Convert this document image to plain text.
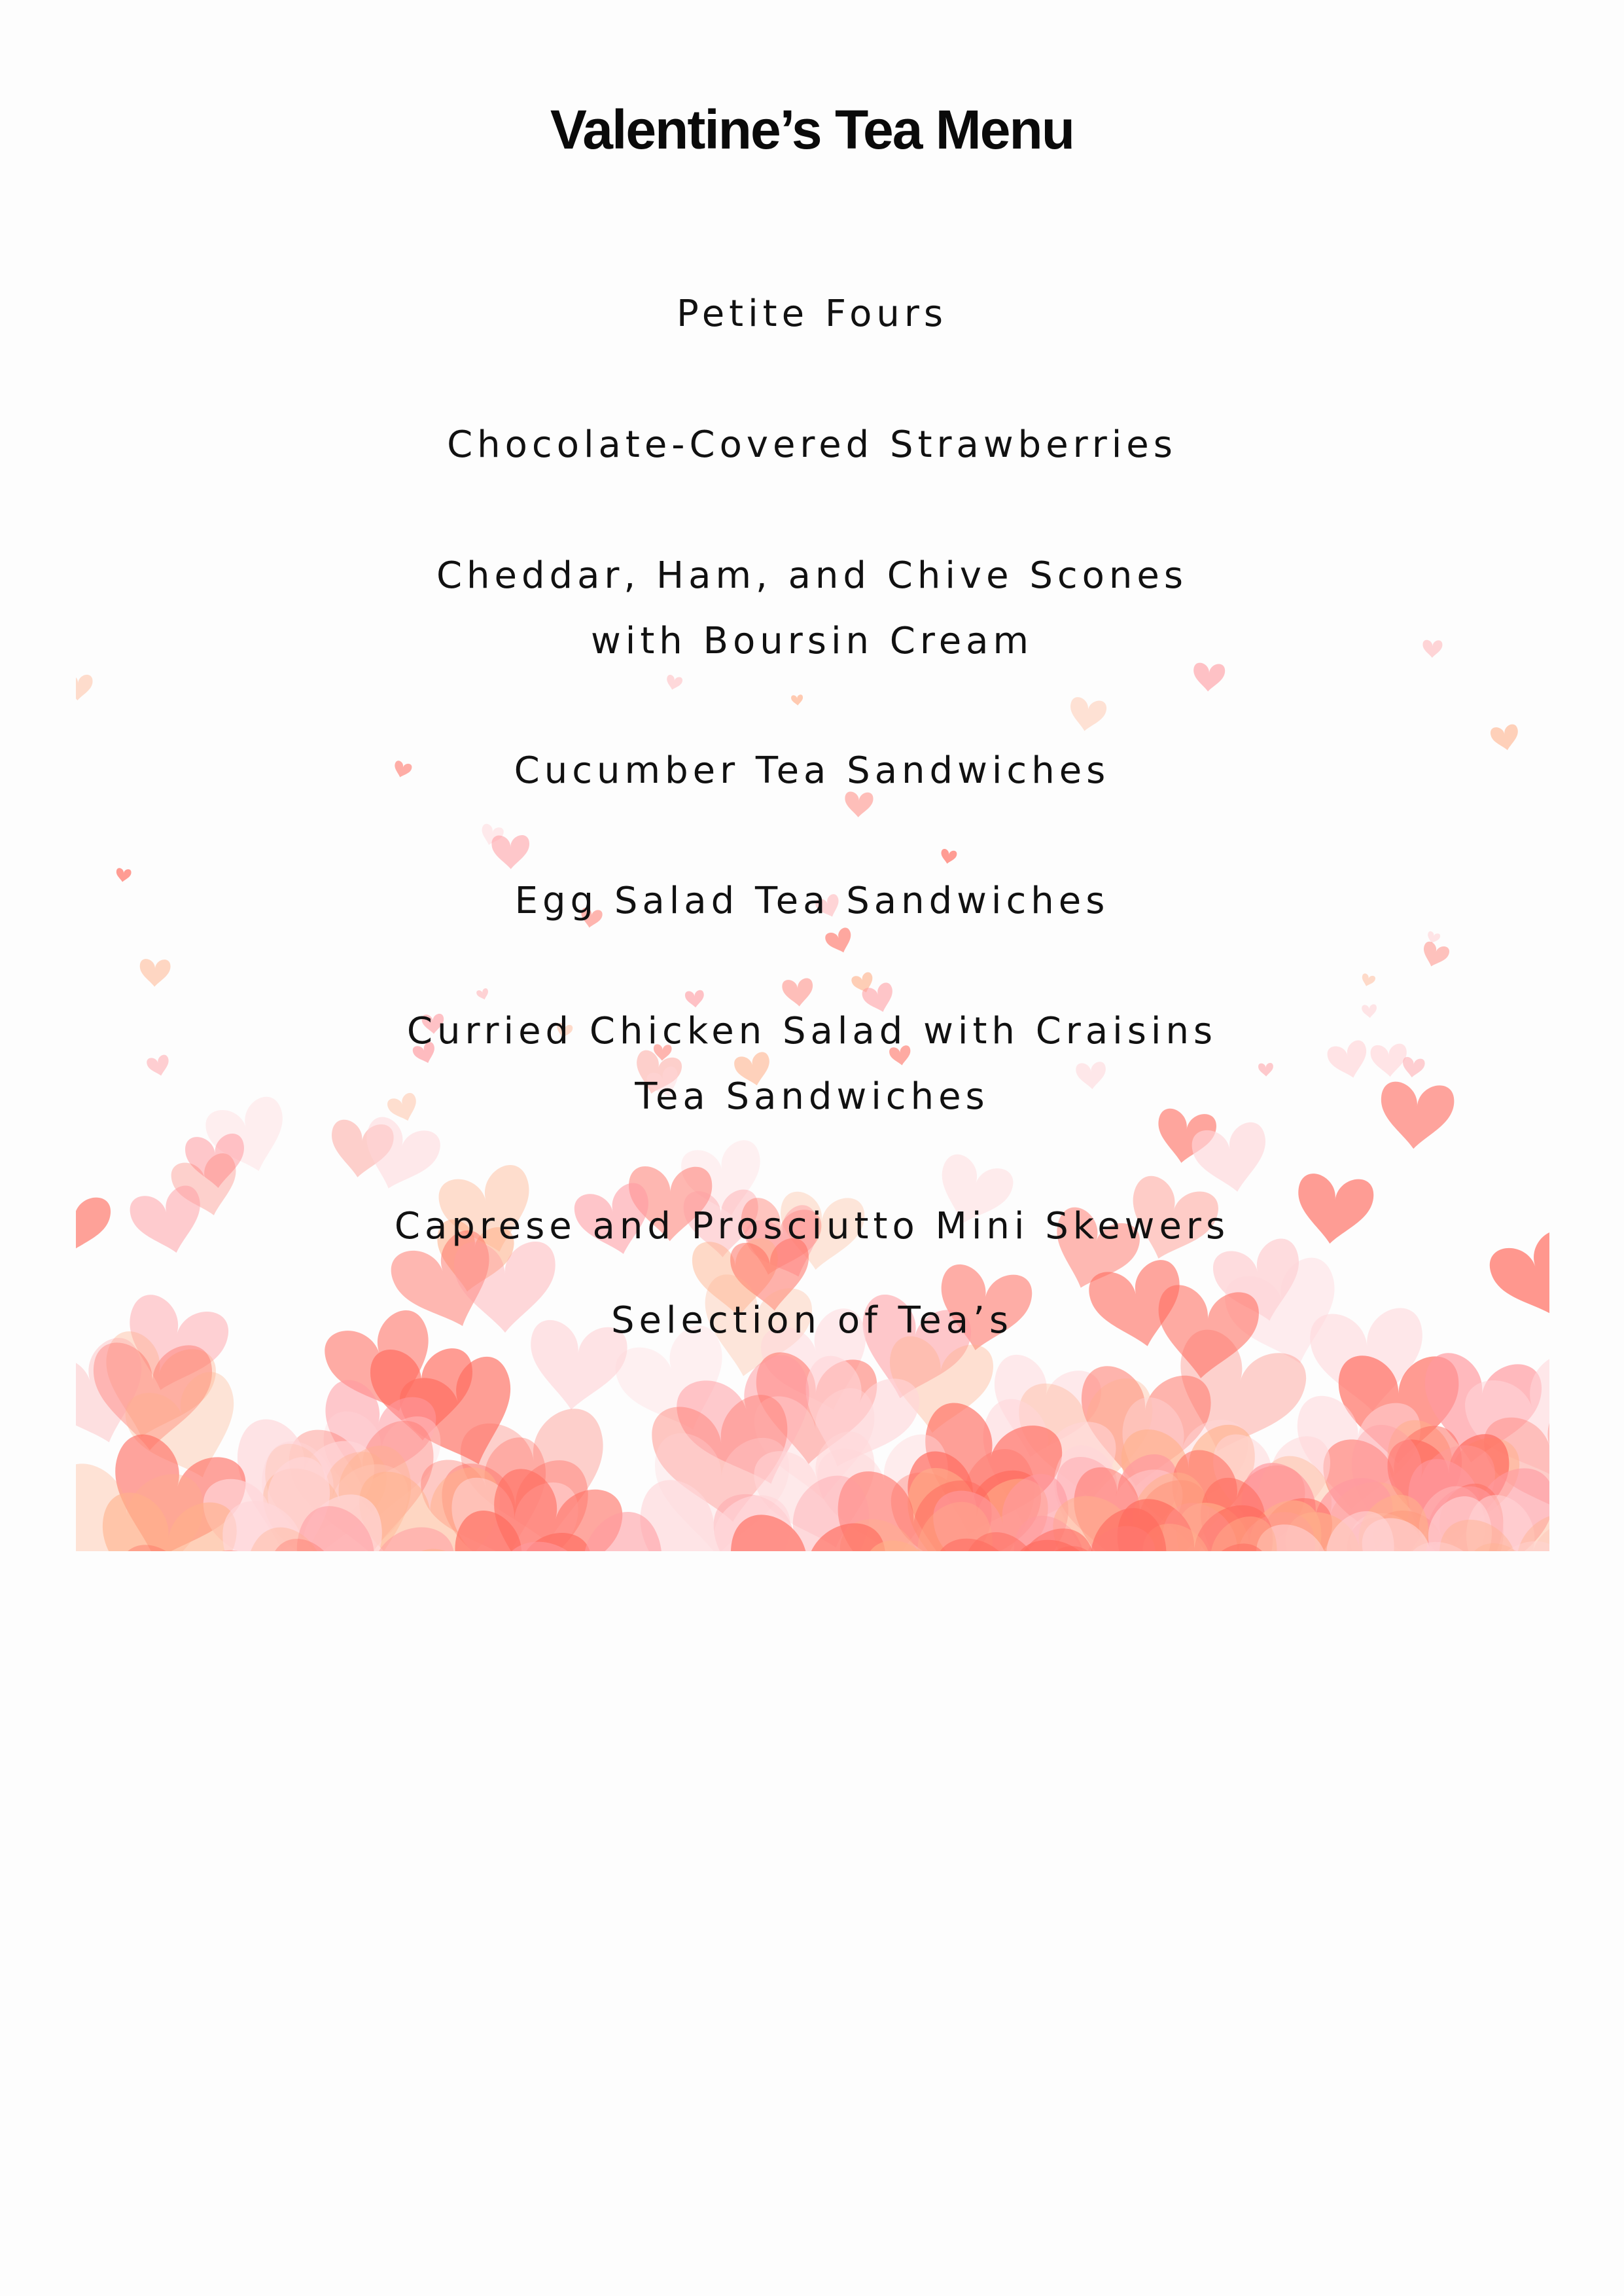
Valentine’s Tea Menu
Petite Fours
Chocolate-Covered Strawberries
Cheddar, Ham, and Chive Scones
with Boursin Cream
Cucumber Tea Sandwiches
Egg Salad Tea Sandwiches
Curried Chicken Salad with Craisins
Tea Sandwiches
Caprese and Prosciutto Mini Skewers
Selection of Tea’s
